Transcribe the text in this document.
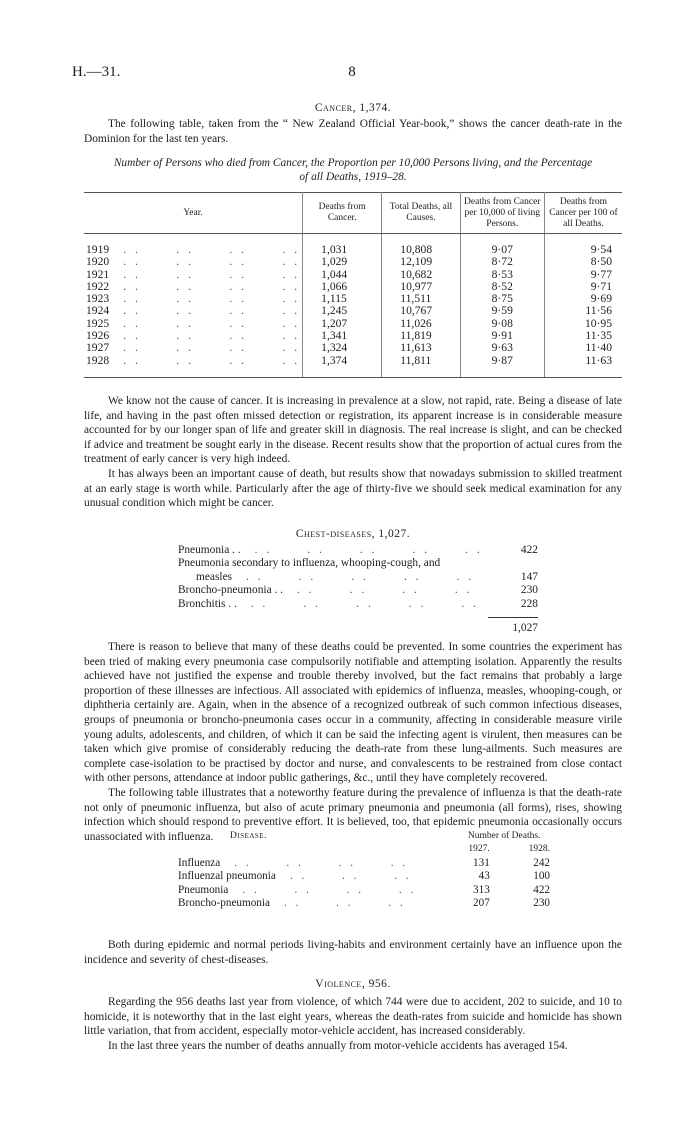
H.—31.	8
Cancer, 1,374.

The following table, taken from the “ New Zealand Official Year-book,” shows the cancer death-rate in the Dominion for the last ten years.

Number of Persons who died from Cancer, the Proportion per 10,000 Persons living, and the Percentage
of all Deaths, 1919–28.
Year.	Deaths from Cancer.	Total Deaths, all Causes.	Deaths from Cancer per 10,000 of living Persons.	Deaths from Cancer per 100 of all Deaths.

1919 . .      . .      . .      . .	1,031	10,808	9·07	9·54
1920 . .      . .      . .      . .	1,029	12,109	8·72	8·50
1921 . .      . .      . .      . .	1,044	10,682	8·53	9·77
1922 . .      . .      . .      . .	1,066	10,977	8·52	9·71
1923 . .      . .      . .      . .	1,115	11,511	8·75	9·69
1924 . .      . .      . .      . .	1,245	10,767	9·59	11·56
1925 . .      . .      . .      . .	1,207	11,026	9·08	10·95
1926 . .      . .      . .      . .	1,341	11,819	9·91	11·35
1927 . .      . .      . .      . .	1,324	11,613	9·63	11·40
1928 . .      . .      . .      . .	1,374	11,811	9·87	11·63

We know not the cause of cancer. It is increasing in prevalence at a slow, not rapid, rate. Being a disease of late life, and having in the past often missed detection or registration, its apparent increase is in considerable measure accounted for by our longer span of life and greater skill in diagnosis. The real increase is slight, and can be checked if advice and treatment be sought early in the disease. Recent results show that the proportion of actual cures from the treatment of early cancer is very high indeed.

It has always been an important cause of death, but results show that nowadays submission to skilled treatment at an early stage is worth while. Particularly after the age of thirty-five we should seek medical examination for any unusual condition which might be cancer.

Chest-diseases, 1,027.
Pneumonia . . . .      . .      . .      . .      . .	422
Pneumonia secondary to influenza, whooping-cough, and	
measles . .      . .      . .      . .      . .	147
Broncho-pneumonia . . . .      . .      . .      . .	230
Bronchitis . . . .      . .      . .      . .      . .	228

	1,027

There is reason to believe that many of these deaths could be prevented. In some countries the experiment has been tried of making every pneumonia case compulsorily notifiable and attempting isolation. Apparently the results achieved have not justified the expense and trouble thereby involved, but the fact remains that probably a large proportion of these illnesses are infectious. All associated with epidemics of influenza, measles, whooping-cough, or diphtheria certainly are. Again, when in the absence of a recognized outbreak of such common infectious diseases, groups of pneumonia or broncho-pneumonia cases occur in a community, affecting in considerable measure virile young adults, adolescents, and children, of which it can be said the infecting agent is virulent, then measures can be taken which give promise of considerably reducing the death-rate from these lung-ailments. Such measures are complete case-isolation to be practised by doctor and nurse, and convalescents to be restrained from close contact with other persons, attendance at indoor public gatherings, &c., until they have completely recovered.

The following table illustrates that a noteworthy feature during the prevalence of influenza is that the death-rate not only of pneumonic influenza, but also of acute primary pneumonia and pneumonia (all forms), rises, showing infection which should respond to preventive effort. It is believed, too, that epidemic pneumonia occasionally occurs unassociated with influenza.	Disease.	Number of Deaths.	
	1927.	1928.
Influenza . .      . .      . .      . .	131	242
Influenzal pneumonia . .      . .      . .	43	100
Pneumonia . .      . .      . .      . .	313	422
Broncho-pneumonia . .      . .      . .	207	230

Both during epidemic and normal periods living-habits and environment certainly have an influence upon the incidence and severity of chest-diseases.

Violence, 956.

Regarding the 956 deaths last year from violence, of which 744 were due to accident, 202 to suicide, and 10 to homicide, it is noteworthy that in the last eight years, whereas the death-rates from suicide and homicide has shown little variation, that from accident, especially motor-vehicle accident, has increased considerably.

In the last three years the number of deaths annually from motor-vehicle accidents has averaged 154.
